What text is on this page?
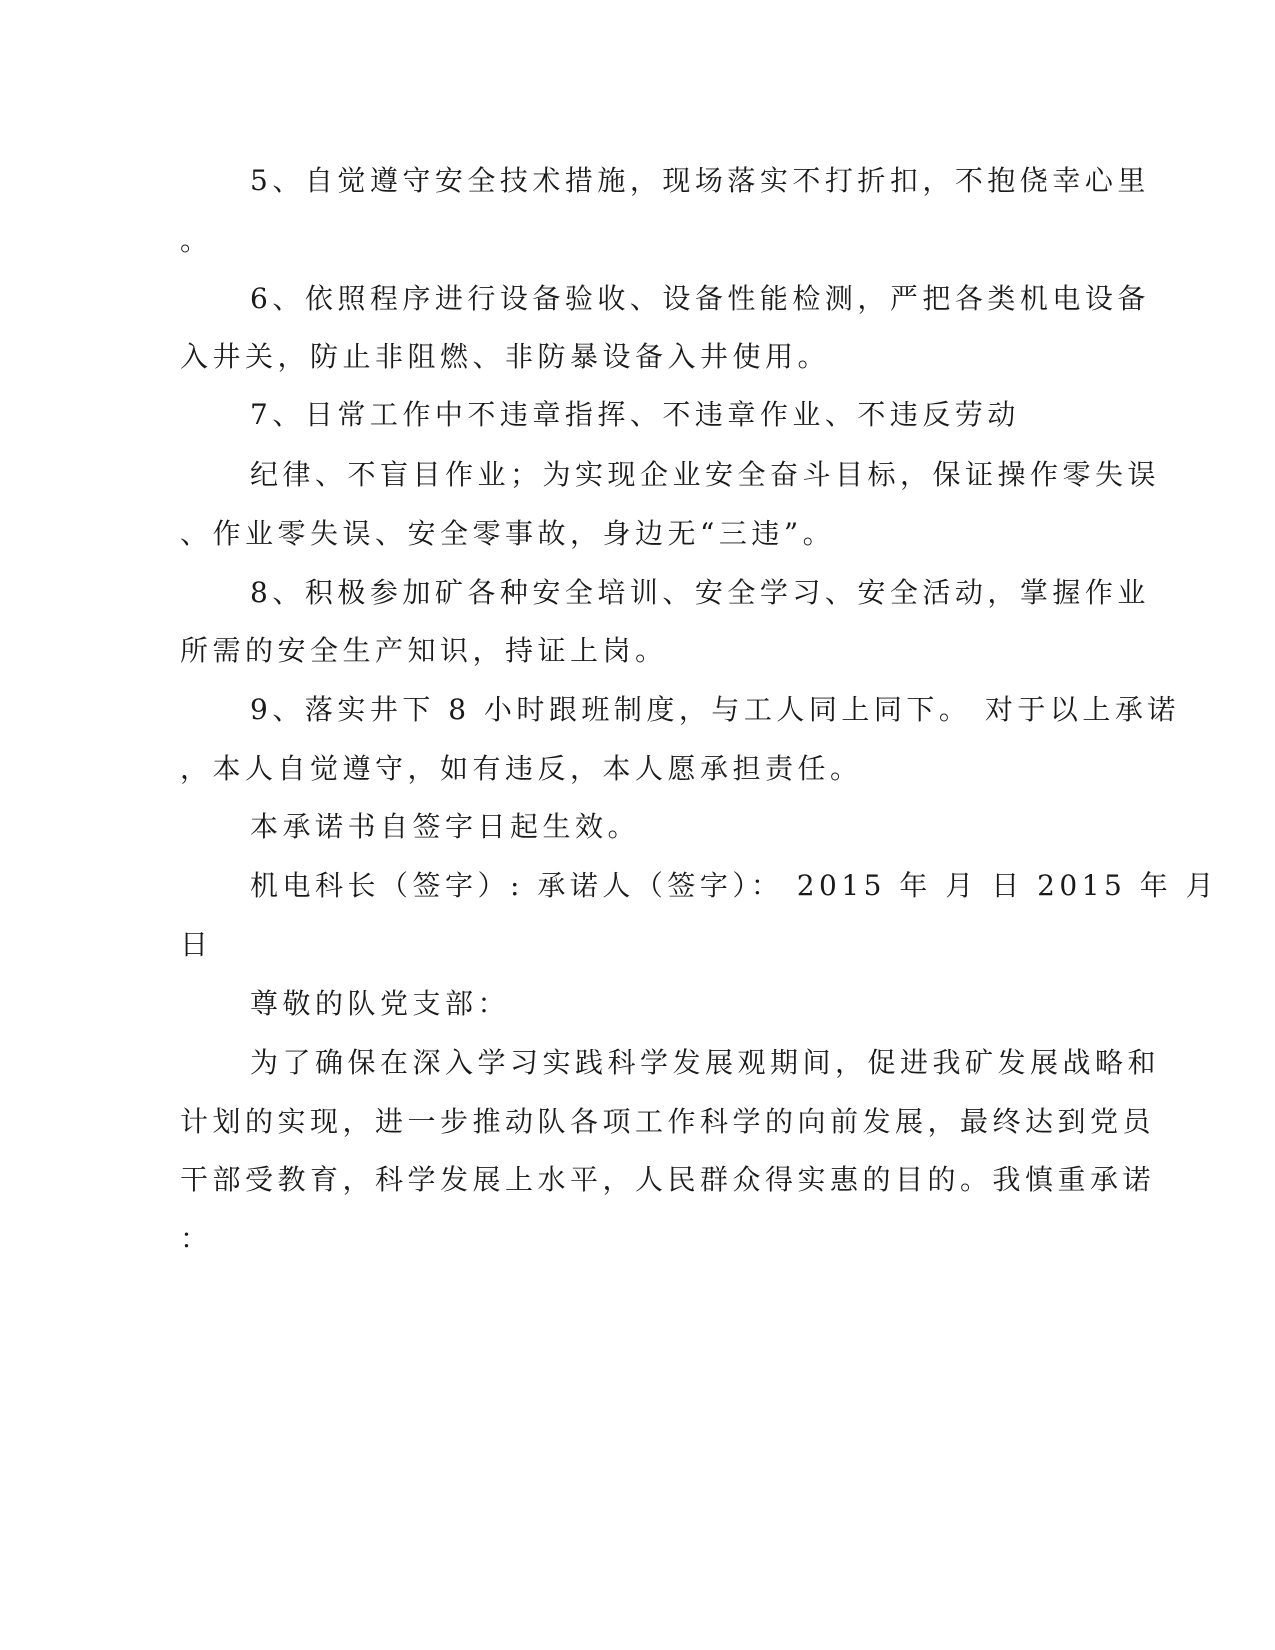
5、自觉遵守安全技术措施，现场落实不打折扣，不抱侥幸心里
。
6、依照程序进行设备验收、设备性能检测，严把各类机电设备
入井关，防止非阻燃、非防暴设备入井使用。
7、日常工作中不违章指挥、不违章作业、不违反劳动
纪律、不盲目作业；为实现企业安全奋斗目标，保证操作零失误
、作业零失误、安全零事故，身边无“三违”。
8、积极参加矿各种安全培训、安全学习、安全活动，掌握作业
所需的安全生产知识，持证上岗。
9、落实井下 8 小时跟班制度，与工人同上同下。 对于以上承诺
，本人自觉遵守，如有违反，本人愿承担责任。
本承诺书自签字日起生效。
机电科长（签字）: 承诺人（签字）： 2015 年 月 日 2015 年 月
日
尊敬的队党支部：
为了确保在深入学习实践科学发展观期间，促进我矿发展战略和
计划的实现，进一步推动队各项工作科学的向前发展，最终达到党员
干部受教育，科学发展上水平，人民群众得实惠的目的。我慎重承诺
：
